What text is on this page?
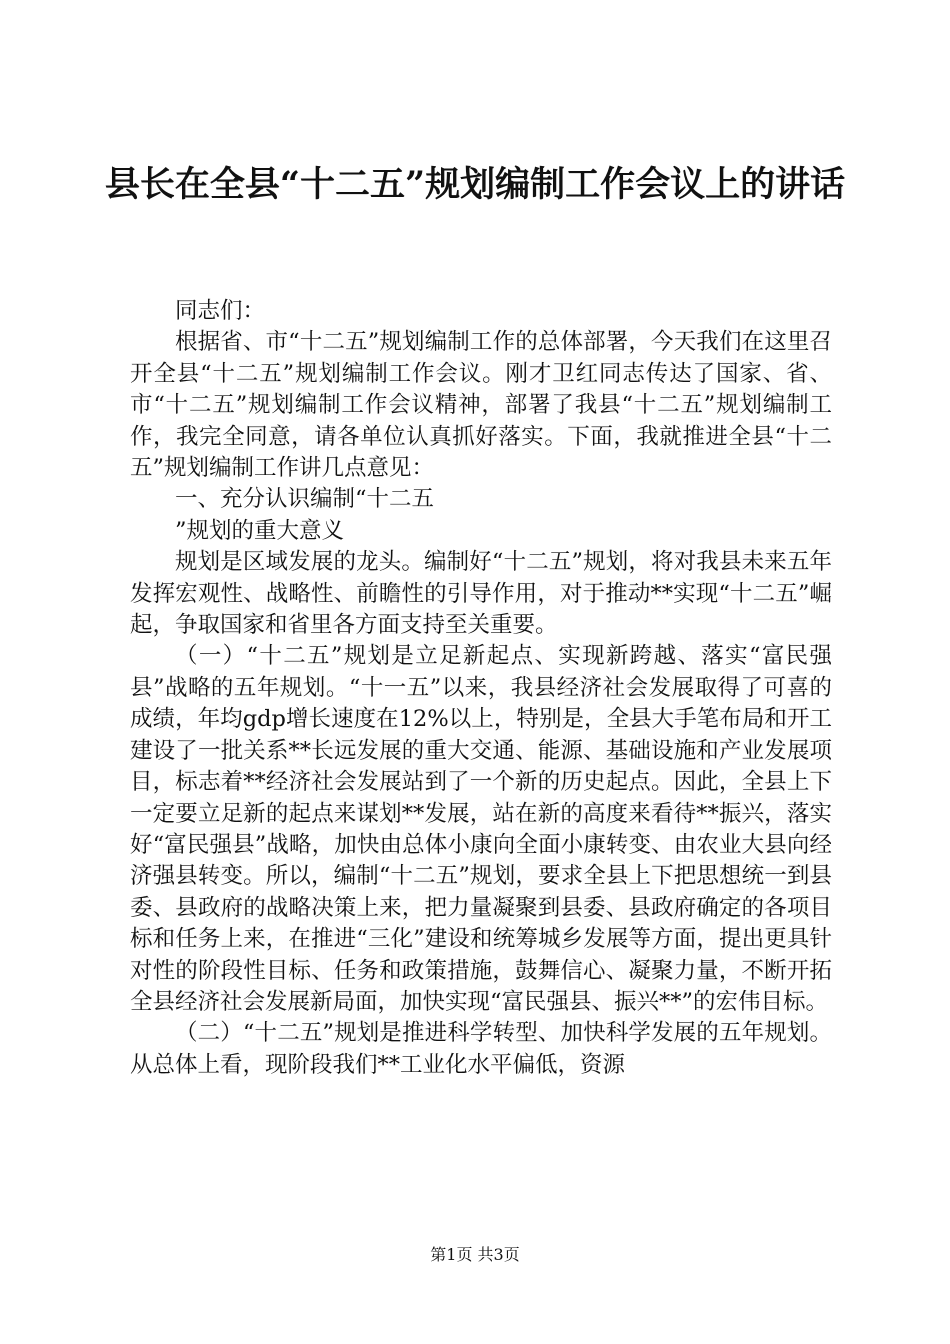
县长在全县“十二五”规划编制工作会议上的讲话

同志们：

根据省、市“十二五”规划编制工作的总体部署，今天我们在这里召开全县“十二五”规划编制工作会议。刚才卫红同志传达了国家、省、市“十二五”规划编制工作会议精神，部署了我县“十二五”规划编制工作，我完全同意，请各单位认真抓好落实。下面，我就推进全县“十二五”规划编制工作讲几点意见：

一、充分认识编制“十二五

”规划的重大意义

规划是区域发展的龙头。编制好“十二五”规划，将对我县未来五年发挥宏观性、战略性、前瞻性的引导作用，对于推动**实现“十二五”崛起，争取国家和省里各方面支持至关重要。

（一）“十二五”规划是立足新起点、实现新跨越、落实“富民强县”战略的五年规划。“十一五”以来，我县经济社会发展取得了可喜的成绩，年均gdp增长速度在12%以上，特别是，全县大手笔布局和开工建设了一批关系**长远发展的重大交通、能源、基础设施和产业发展项目，标志着**经济社会发展站到了一个新的历史起点。因此，全县上下一定要立足新的起点来谋划**发展，站在新的高度来看待**振兴，落实好“富民强县”战略，加快由总体小康向全面小康转变、由农业大县向经济强县转变。所以，编制“十二五”规划，要求全县上下把思想统一到县委、县政府的战略决策上来，把力量凝聚到县委、县政府确定的各项目标和任务上来，在推进“三化”建设和统筹城乡发展等方面，提出更具针对性的阶段性目标、任务和政策措施，鼓舞信心、凝聚力量，不断开拓全县经济社会发展新局面，加快实现“富民强县、振兴**”的宏伟目标。

（二）“十二五”规划是推进科学转型、加快科学发展的五年规划。从总体上看，现阶段我们**工业化水平偏低，资源

第1页 共3页
